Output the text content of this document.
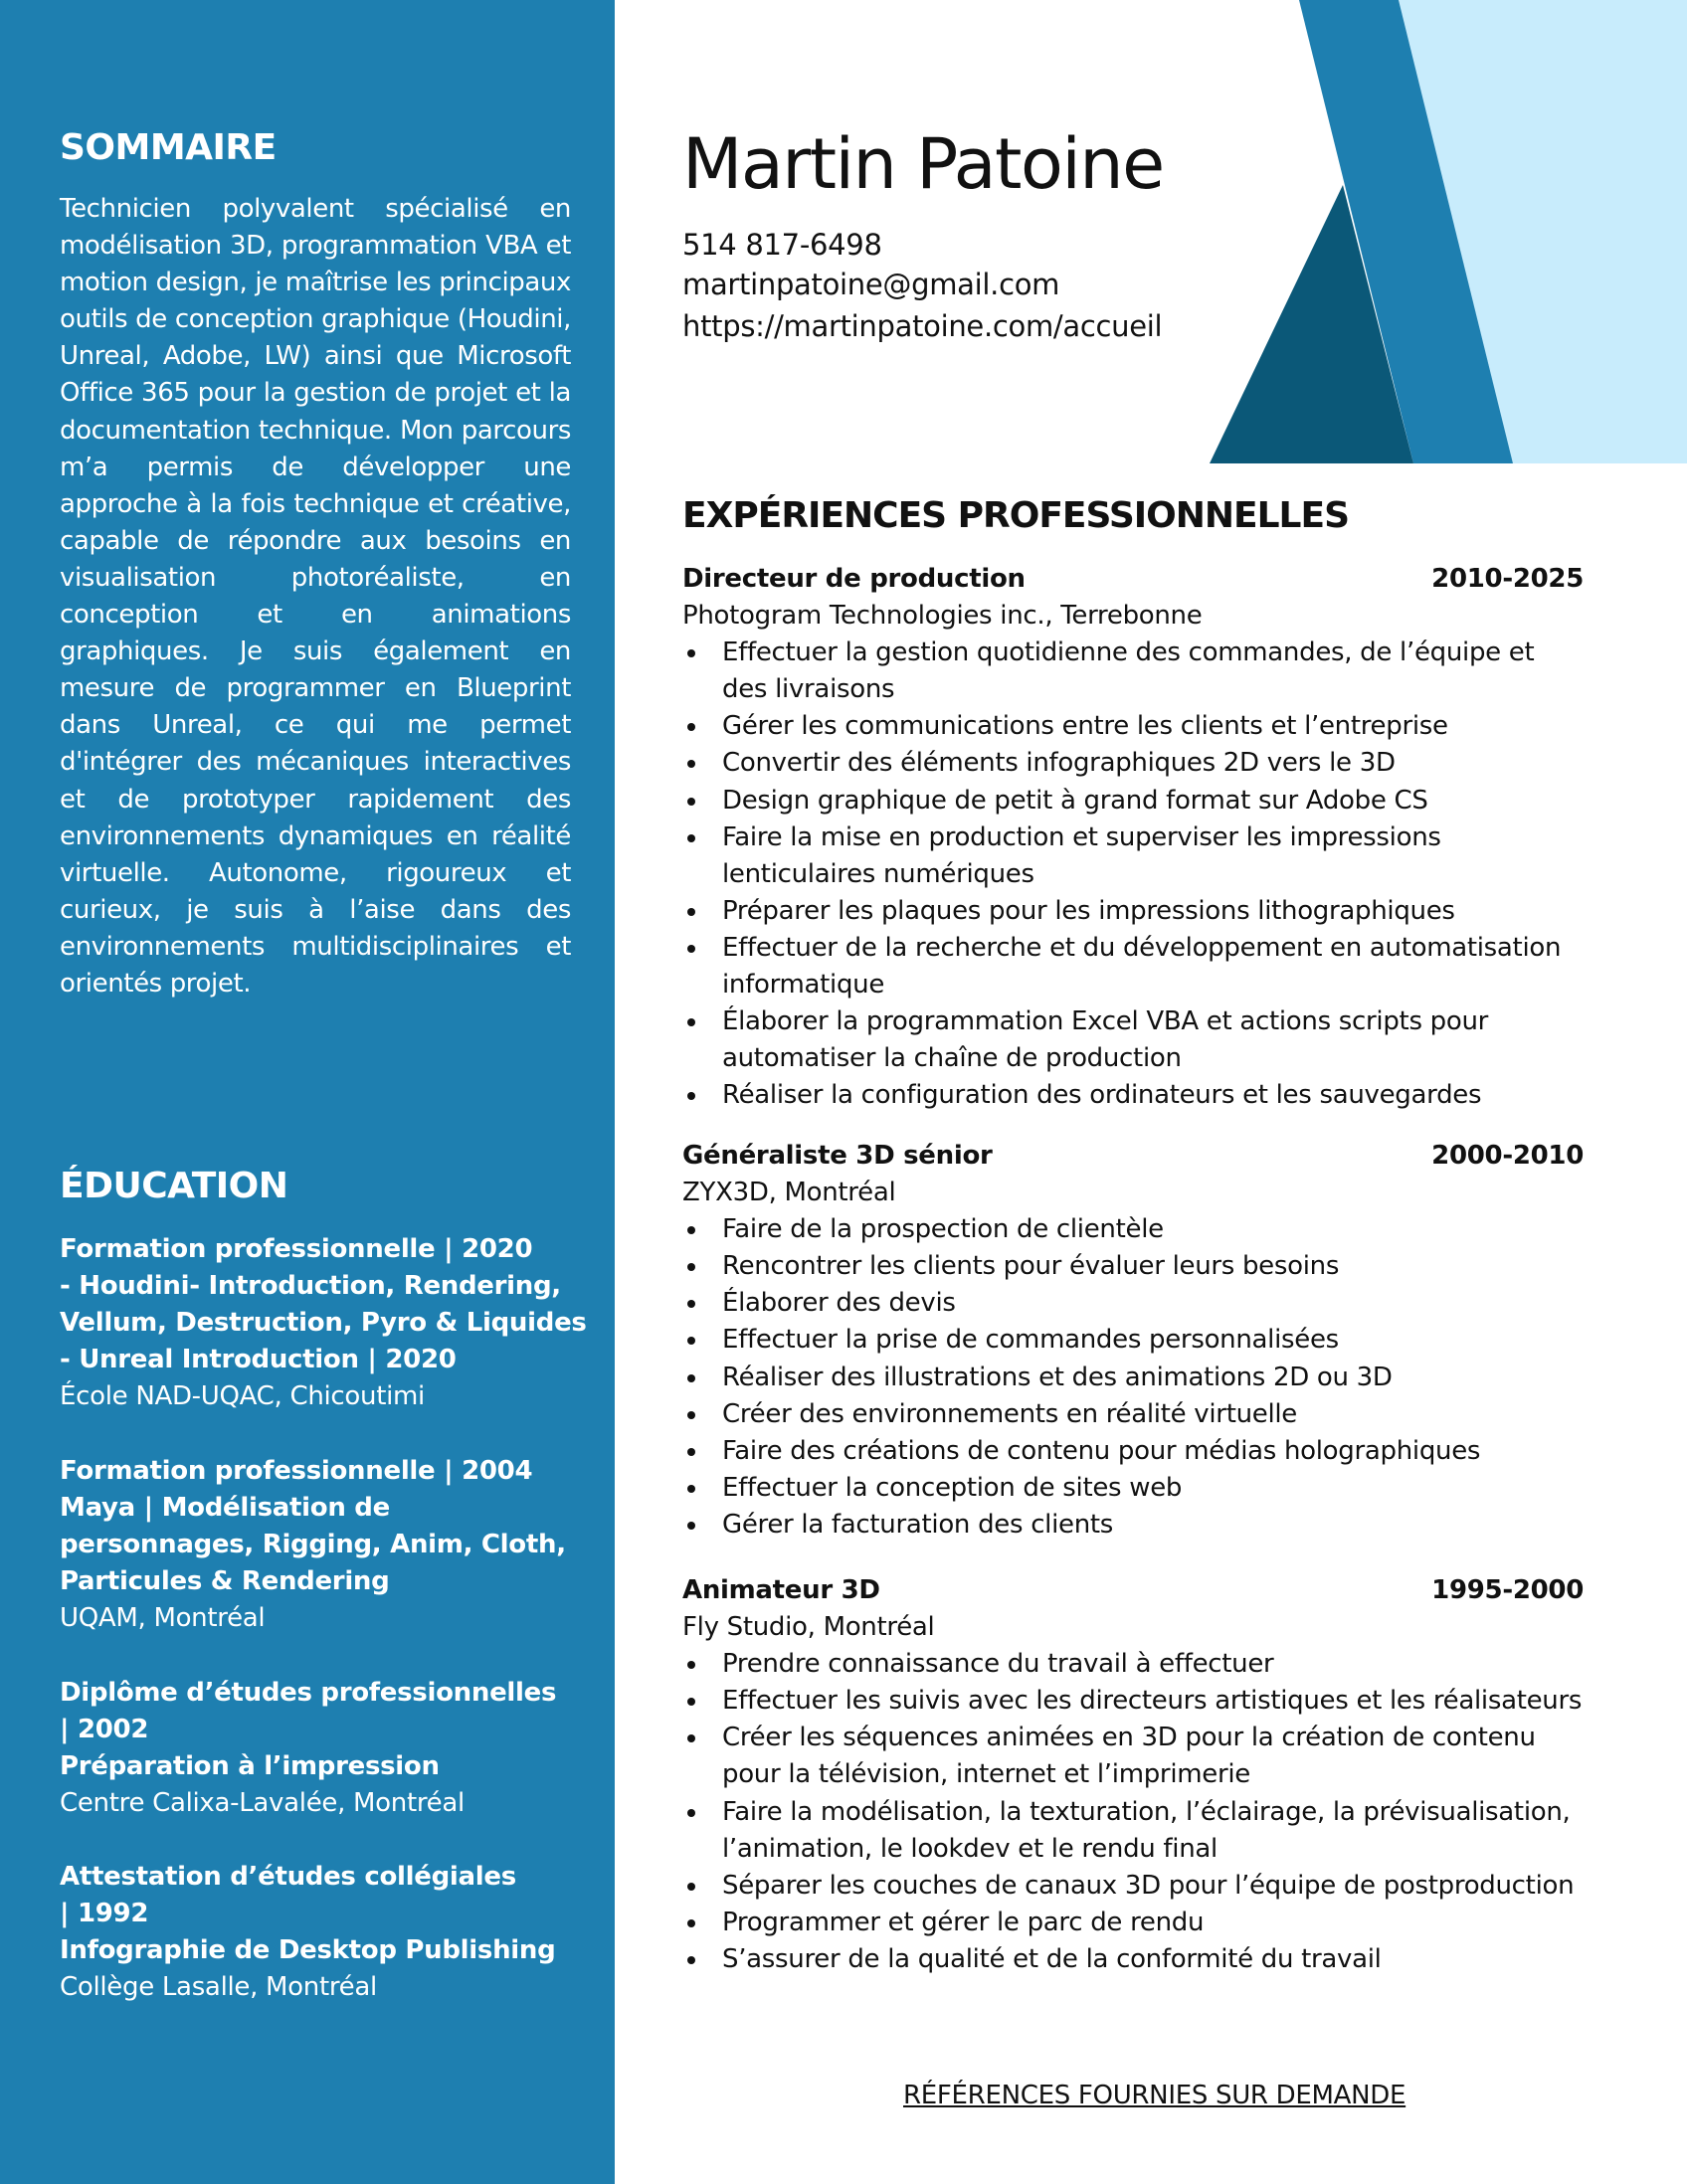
SOMMAIRE

Technicien polyvalent spécialisé en modélisation 3D, programmation VBA et motion design, je maîtrise les principaux outils de conception graphique (Houdini, Unreal, Adobe, LW) ainsi que Microsoft Office 365 pour la gestion de projet et la documentation technique. Mon parcours m’a permis de développer une approche à la fois technique et créative, capable de répondre aux besoins en visualisation photoréaliste, en conception et en animations graphiques. Je suis également en mesure de programmer en Blueprint dans Unreal, ce qui me permet d'intégrer des mécaniques interactives et de prototyper rapidement des environnements dynamiques en réalité virtuelle. Autonome, rigoureux et curieux, je suis à l’aise dans des environnements multidisciplinaires et orientés projet.

ÉDUCATION
Formation professionnelle | 2020
- Houdini- Introduction, Rendering,
Vellum, Destruction, Pyro & Liquides
- Unreal Introduction | 2020
École NAD-UQAC, Chicoutimi
Formation professionnelle | 2004
Maya | Modélisation de
personnages, Rigging, Anim, Cloth,
Particules & Rendering
UQAM, Montréal
Diplôme d’études professionnelles
| 2002
Préparation à l’impression
Centre Calixa-Lavalée, Montréal
Attestation d’études collégiales
| 1992
Infographie de Desktop Publishing
Collège Lasalle, Montréal
Martin Patoine
514 817-6498
martinpatoine@gmail.com
https://martinpatoine.com/accueil
EXPÉRIENCES PROFESSIONNELLES
Directeur de production	2010-2025
Photogram Technologies inc., Terrebonne
Effectuer la gestion quotidienne des commandes, de l’équipe et des livraisons
Gérer les communications entre les clients et l’entreprise
Convertir des éléments infographiques 2D vers le 3D
Design graphique de petit à grand format sur Adobe CS
Faire la mise en production et superviser les impressions lenticulaires numériques
Préparer les plaques pour les impressions lithographiques
Effectuer de la recherche et du développement en automatisation informatique
Élaborer la programmation Excel VBA et actions scripts pour automatiser la chaîne de production
Réaliser la configuration des ordinateurs et les sauvegardes
Généraliste 3D sénior	2000-2010
ZYX3D, Montréal
Faire de la prospection de clientèle
Rencontrer les clients pour évaluer leurs besoins
Élaborer des devis
Effectuer la prise de commandes personnalisées
Réaliser des illustrations et des animations 2D ou 3D
Créer des environnements en réalité virtuelle
Faire des créations de contenu pour médias holographiques
Effectuer la conception de sites web
Gérer la facturation des clients
Animateur 3D	1995-2000
Fly Studio, Montréal
Prendre connaissance du travail à effectuer
Effectuer les suivis avec les directeurs artistiques et les réalisateurs
Créer les séquences animées en 3D pour la création de contenu pour la télévision, internet et l’imprimerie
Faire la modélisation, la texturation, l’éclairage, la prévisualisation, l’animation, le lookdev et le rendu final
Séparer les couches de canaux 3D pour l’équipe de postproduction
Programmer et gérer le parc de rendu
S’assurer de la qualité et de la conformité du travail
RÉFÉRENCES FOURNIES SUR DEMANDE
